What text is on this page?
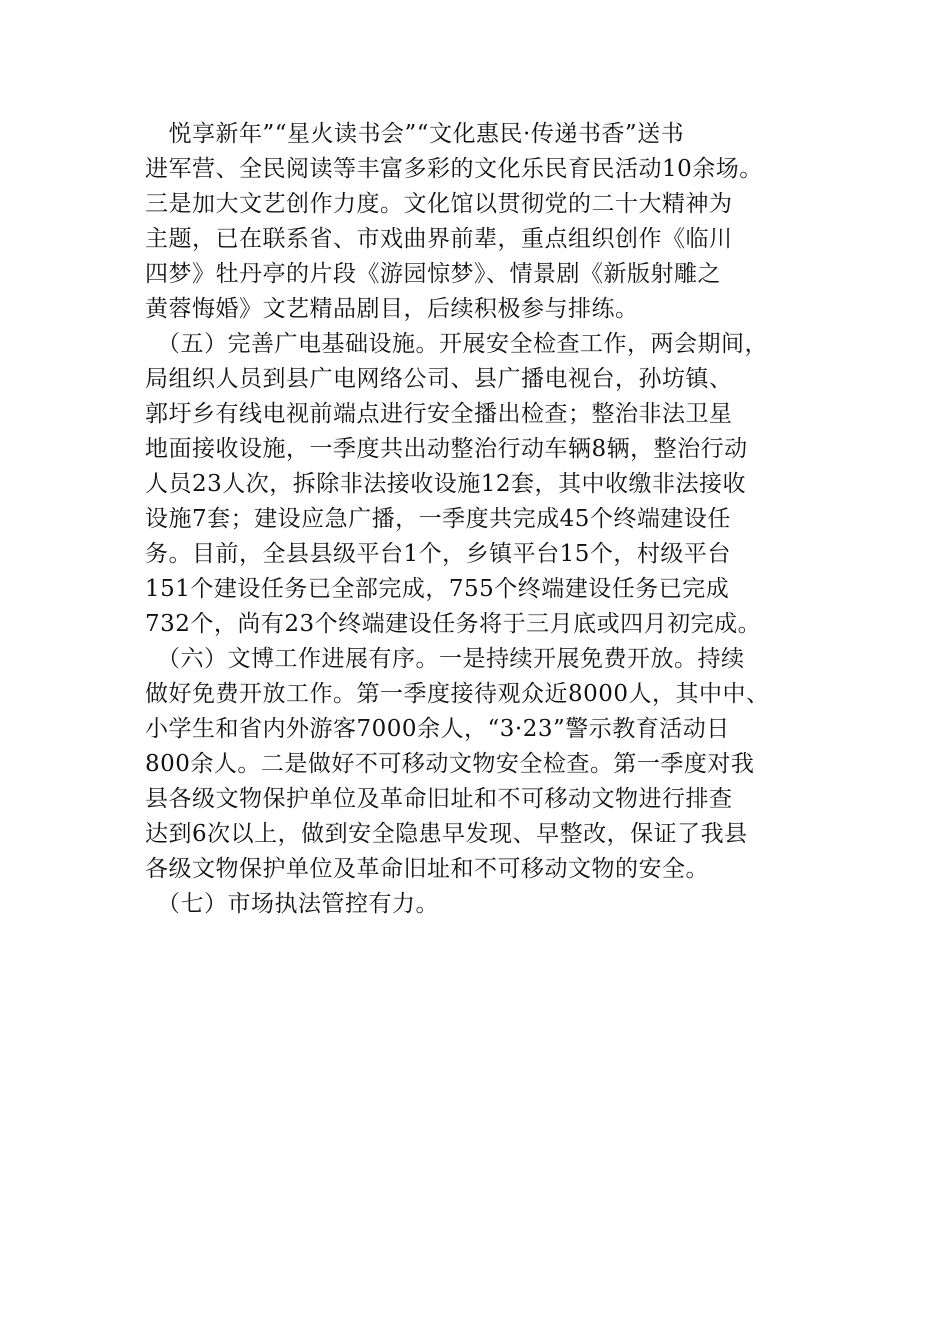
　悦享新年”“星火读书会”“文化惠民·传递书香”送书
进军营、全民阅读等丰富多彩的文化乐民育民活动10余场。
三是加大文艺创作力度。文化馆以贯彻党的二十大精神为
主题，已在联系省、市戏曲界前辈，重点组织创作《临川
四梦》牡丹亭的片段《游园惊梦》、情景剧《新版射雕之
黄蓉悔婚》文艺精品剧目，后续积极参与排练。
　（五）完善广电基础设施。开展安全检查工作，两会期间，
局组织人员到县广电网络公司、县广播电视台，孙坊镇、
郭圩乡有线电视前端点进行安全播出检查；整治非法卫星
地面接收设施，一季度共出动整治行动车辆8辆，整治行动
人员23人次，拆除非法接收设施12套，其中收缴非法接收
设施7套；建设应急广播，一季度共完成45个终端建设任
务。目前，全县县级平台1个，乡镇平台15个，村级平台
151个建设任务已全部完成，755个终端建设任务已完成
732个，尚有23个终端建设任务将于三月底或四月初完成。
　（六）文博工作进展有序。一是持续开展免费开放。持续
做好免费开放工作。第一季度接待观众近8000人，其中中、
小学生和省内外游客7000余人，“3·23”警示教育活动日
800余人。二是做好不可移动文物安全检查。第一季度对我
县各级文物保护单位及革命旧址和不可移动文物进行排查
达到6次以上，做到安全隐患早发现、早整改，保证了我县
各级文物保护单位及革命旧址和不可移动文物的安全。
　（七）市场执法管控有力。
